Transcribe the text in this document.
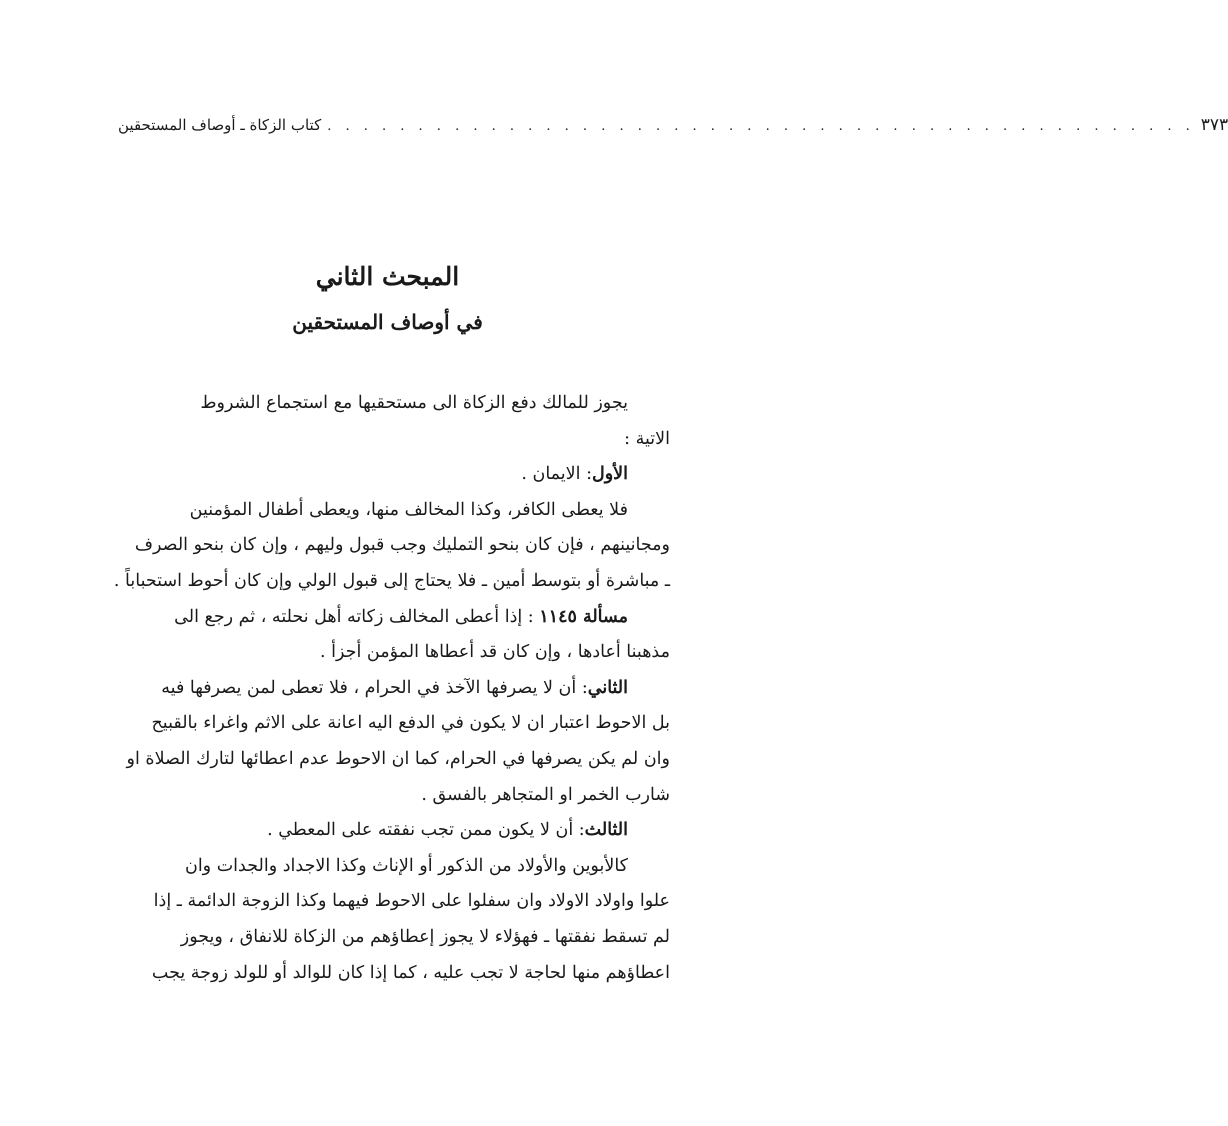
كتاب الزكاة ـ أوصاف المستحقين . . . . . . . . . . . . . . . . . . . . . . . . . . . . . . . . . . . . . . . . . . . . . . . . ٣٧٣
المبحث الثاني
في أوصاف المستحقين
يجوز للمالك دفع الزكاة الى مستحقيها مع استجماع الشروط
الاتية :
الأول: الايمان .
فلا يعطى الكافر، وكذا المخالف منها، ويعطى أطفال المؤمنين
ومجانينهم ، فإن كان بنحو التمليك وجب قبول وليهم ، وإن كان بنحو الصرف
ـ مباشرة أو بتوسط أمين ـ فلا يحتاج إلى قبول الولي وإن كان أحوط استحباباً .
مسألة ١١٤٥ : إذا أعطى المخالف زكاته أهل نحلته ، ثم رجع الى
مذهبنا أعادها ، وإن كان قد أعطاها المؤمن أجزأ .
الثاني: أن لا يصرفها الآخذ في الحرام ، فلا تعطى لمن يصرفها فيه
بل الاحوط اعتبار ان لا يكون في الدفع اليه اعانة على الاثم واغراء بالقبيح
وان لم يكن يصرفها في الحرام، كما ان الاحوط عدم اعطائها لتارك الصلاة او
شارب الخمر او المتجاهر بالفسق .
الثالث: أن لا يكون ممن تجب نفقته على المعطي .
كالأبوين والأولاد من الذكور أو الإناث وكذا الاجداد والجدات وان
علوا واولاد الاولاد وان سفلوا على الاحوط فيهما وكذا الزوجة الدائمة ـ إذا
لم تسقط نفقتها ـ فهؤلاء لا يجوز إعطاؤهم من الزكاة للانفاق ، ويجوز
اعطاؤهم منها لحاجة لا تجب عليه ، كما إذا كان للوالد أو للولد زوجة يجب
